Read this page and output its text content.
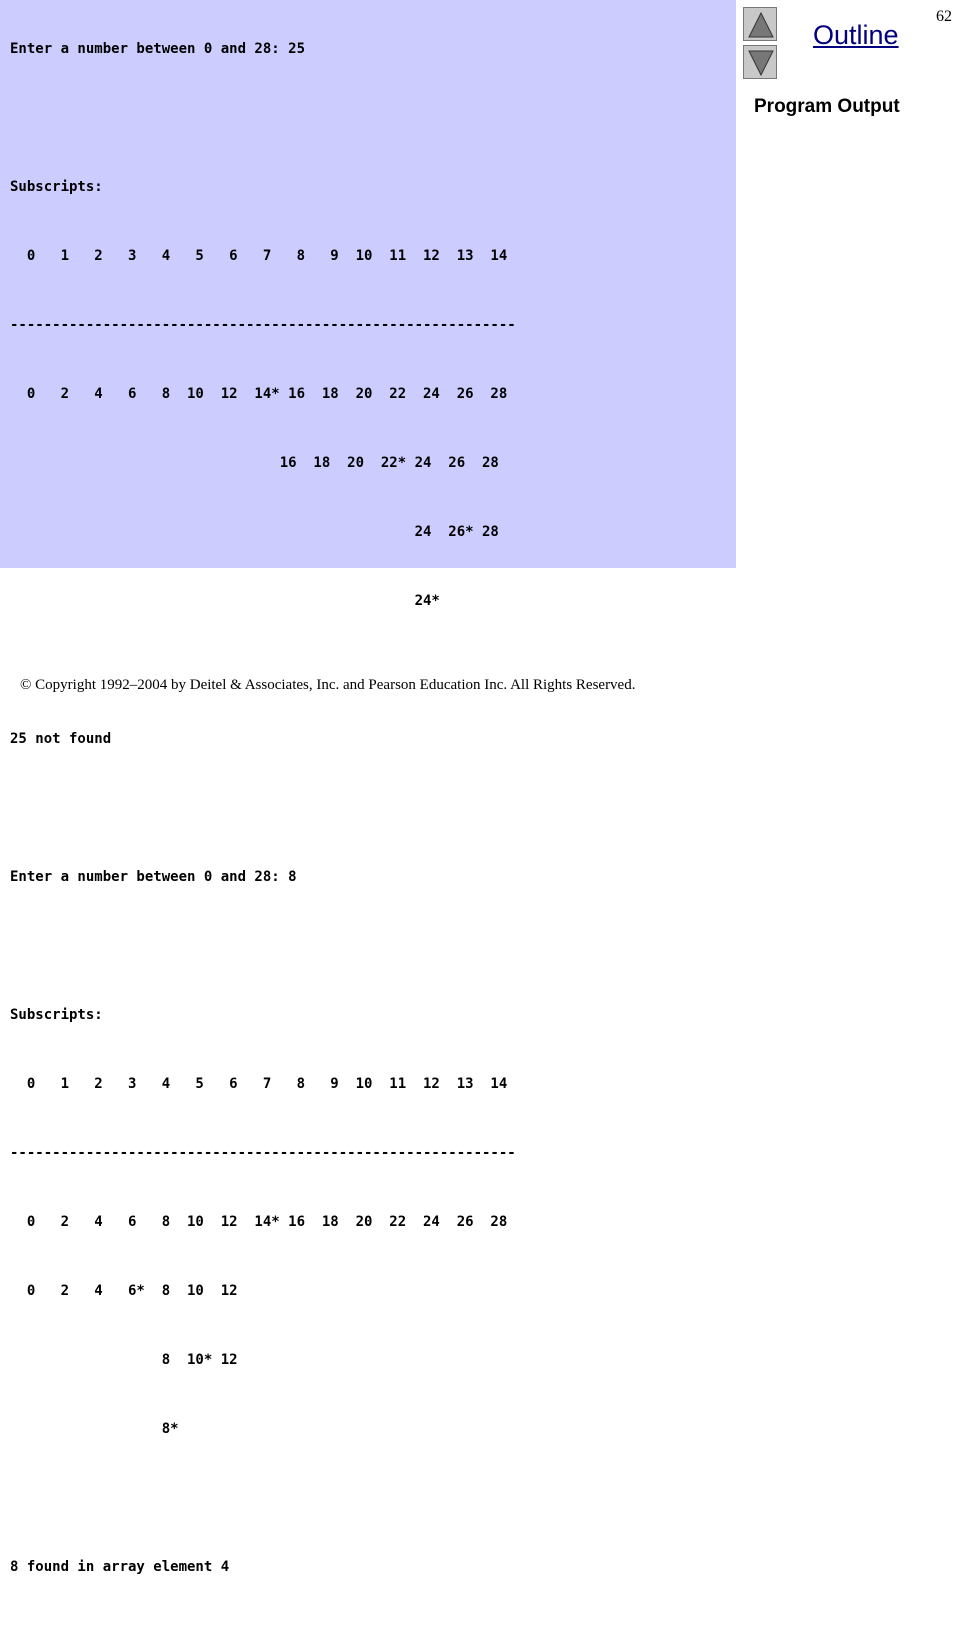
Enter a number between 0 and 28: 25

Subscripts:

0   1   2   3   4   5   6   7   8   9  10  11  12  13  14

------------------------------------------------------------

0   2   4   6   8  10  12  14* 16  18  20  22  24  26  28

16  18  20  22* 24  26  28

24  26* 28

24*

25 not found

Enter a number between 0 and 28: 8

Subscripts:

0   1   2   3   4   5   6   7   8   9  10  11  12  13  14

------------------------------------------------------------

0   2   4   6   8  10  12  14* 16  18  20  22  24  26  28

0   2   4   6*  8  10  12

8  10* 12

8*

8 found in array element 4

Outline
Program Output
62
© Copyright 1992–2004 by Deitel & Associates, Inc. and Pearson Education Inc. All Rights Reserved.
